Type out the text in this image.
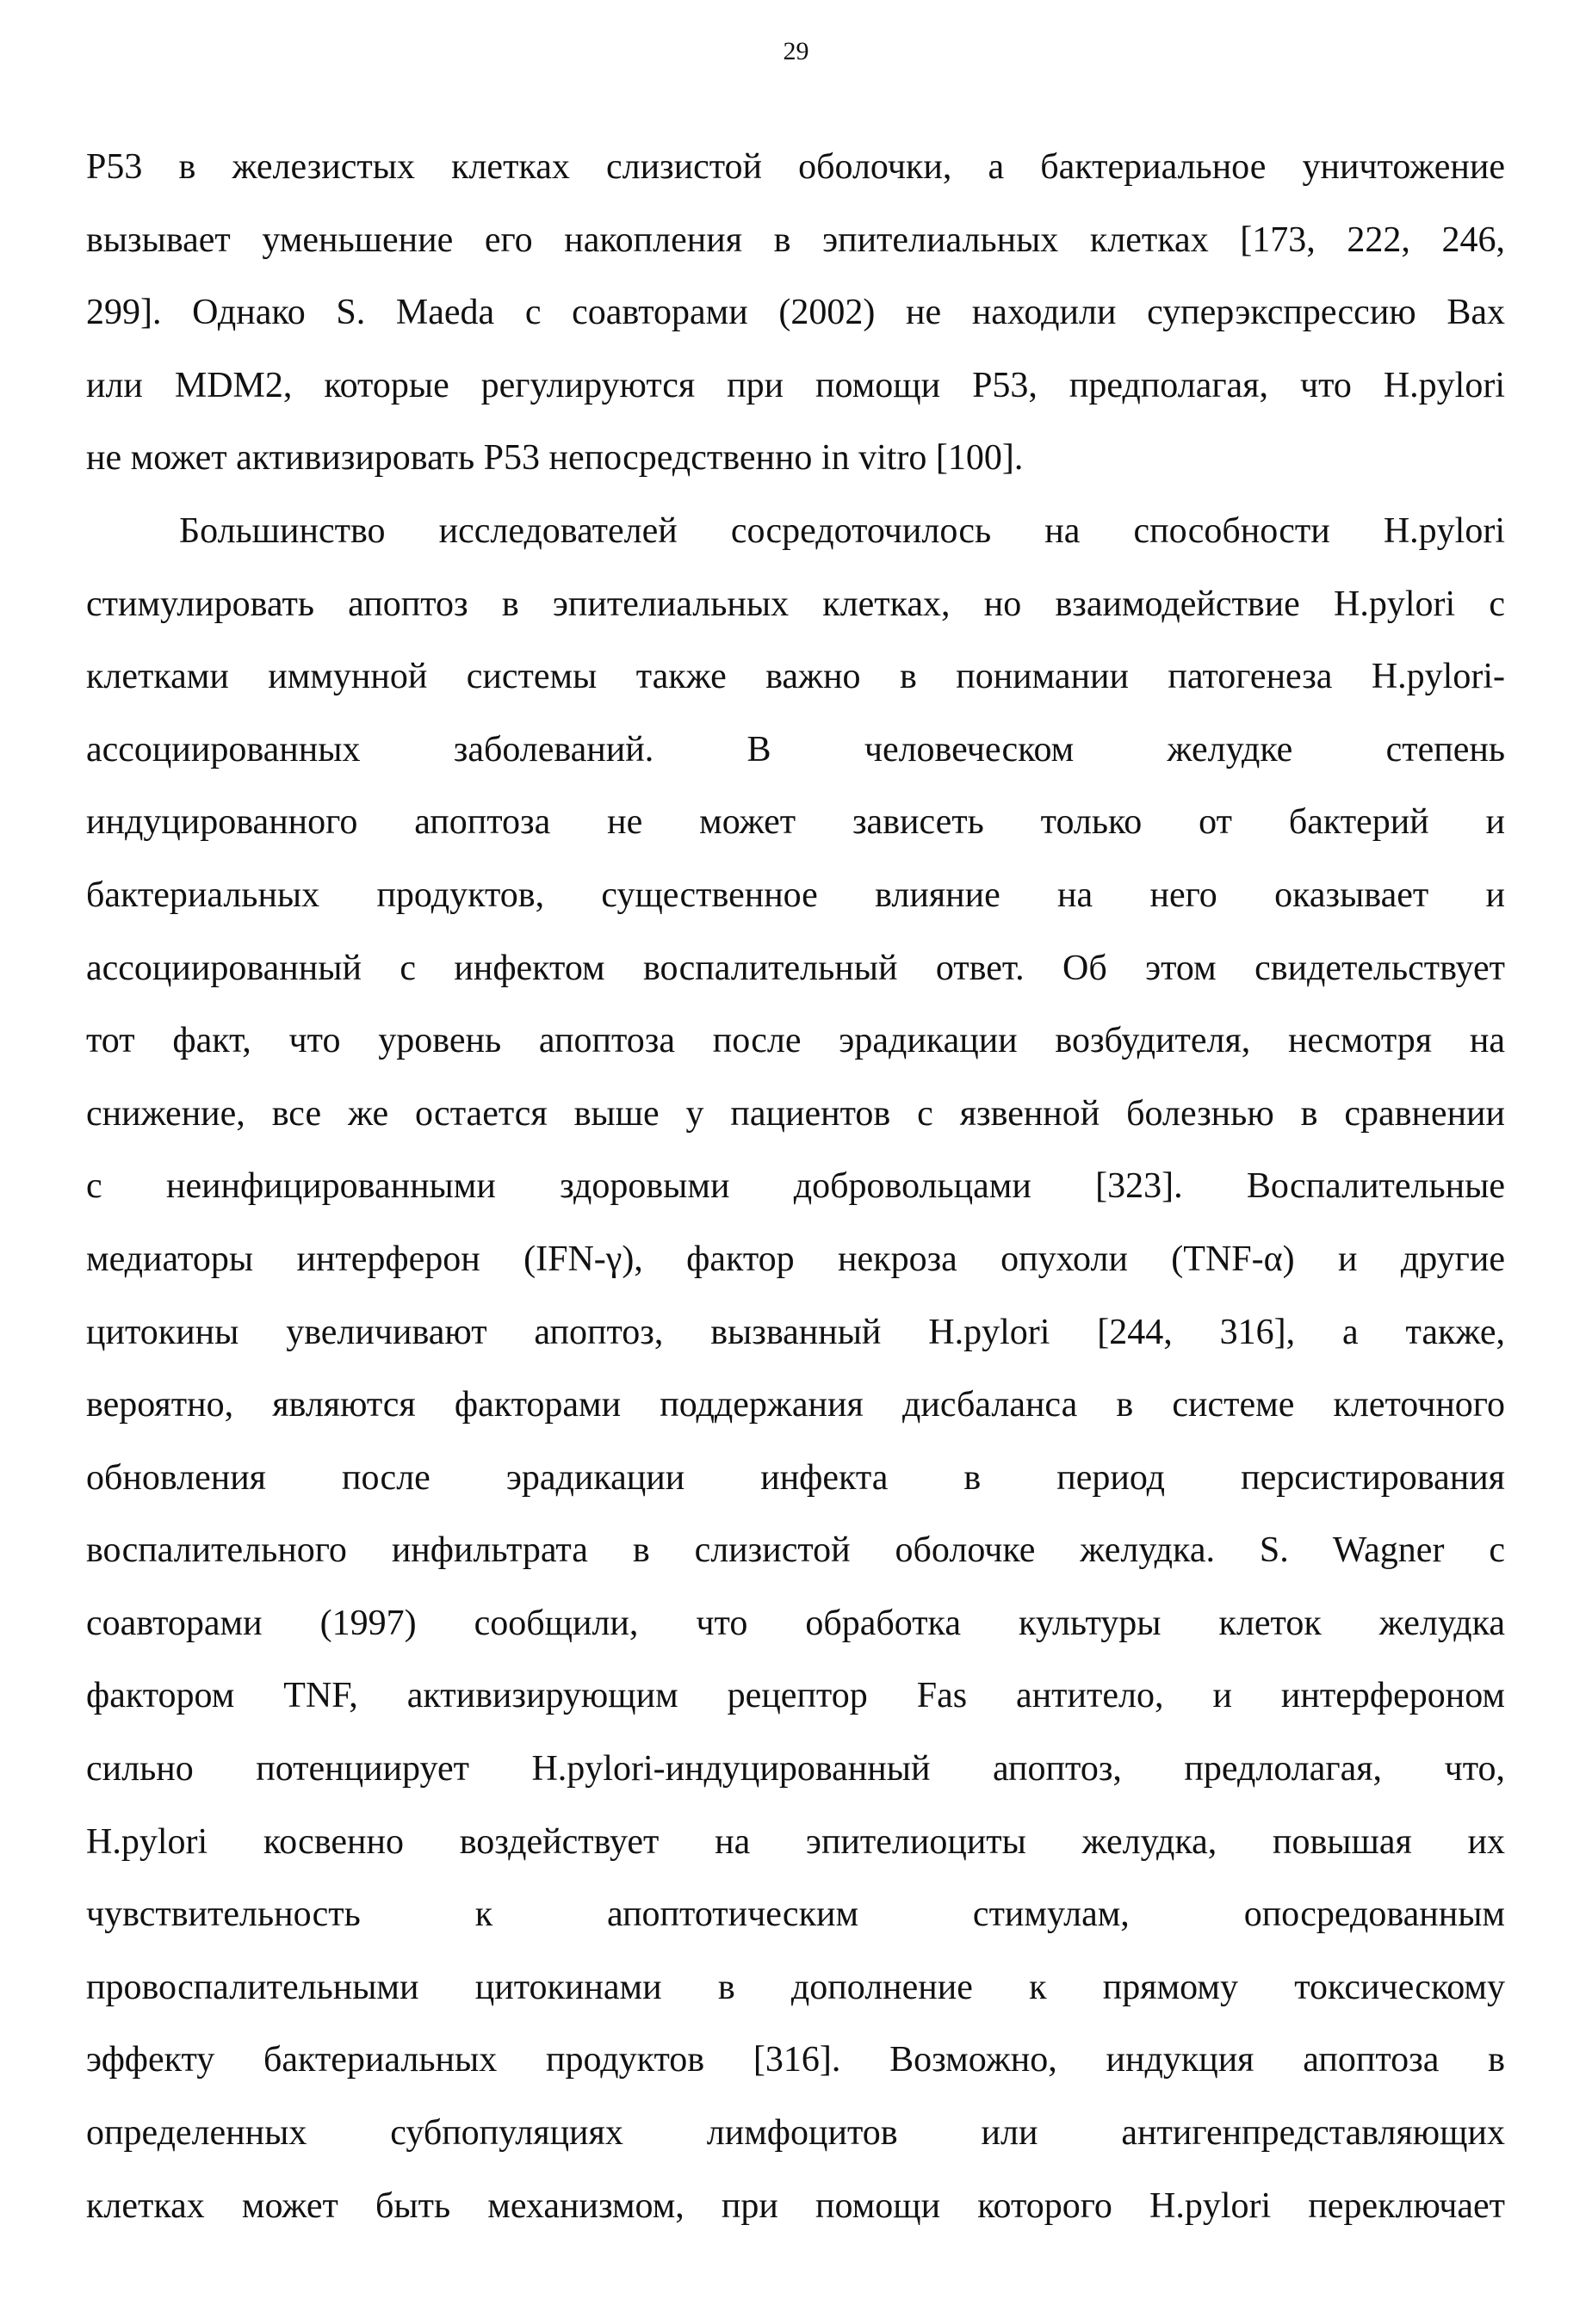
29
Р53 в железистых клетках слизистой оболочки, а бактериальное уничтожение
вызывает уменьшение его накопления в эпителиальных клетках [173, 222, 246,
299]. Однако S. Maeda с соавторами (2002) не находили суперэкспрессию Вах
или MDM2, которые регулируются при помощи Р53, предполагая, что H.pylori
не может активизировать Р53 непосредственно in vitro [100].
Большинство исследователей сосредоточилось на способности H.pylori
стимулировать апоптоз в эпителиальных клетках, но взаимодействие H.pylori с
клетками иммунной системы также важно в понимании патогенеза H.pylori-
ассоциированных заболеваний. В человеческом желудке степень
индуцированного апоптоза не может зависеть только от бактерий и
бактериальных продуктов, существенное влияние на него оказывает и
ассоциированный с инфектом воспалительный ответ. Об этом свидетельствует
тот факт, что уровень апоптоза после эрадикации возбудителя, несмотря на
снижение, все же остается выше у пациентов с язвенной болезнью в сравнении
с неинфицированными здоровыми добровольцами [323]. Воспалительные
медиаторы интерферон (IFN-γ), фактор некроза опухоли (TNF-α) и другие
цитокины увеличивают апоптоз, вызванный H.pylori [244, 316], а также,
вероятно, являются факторами поддержания дисбаланса в системе клеточного
обновления после эрадикации инфекта в период персистирования
воспалительного инфильтрата в слизистой оболочке желудка. S. Wagner с
соавторами (1997) сообщили, что обработка культуры клеток желудка
фактором TNF, активизирующим рецептор Fas антитело, и интерфероном
сильно потенциирует H.pylori-индуцированный апоптоз, предлолагая, что,
H.pylori косвенно воздействует на эпителиоциты желудка, повышая их
чувствительность к апоптотическим стимулам, опосредованным
провоспалительными цитокинами в дополнение к прямому токсическому
эффекту бактериальных продуктов [316]. Возможно, индукция апоптоза в
определенных субпопуляциях лимфоцитов или антигенпредставляющих
клетках может быть механизмом, при помощи которого H.pylori переключает
